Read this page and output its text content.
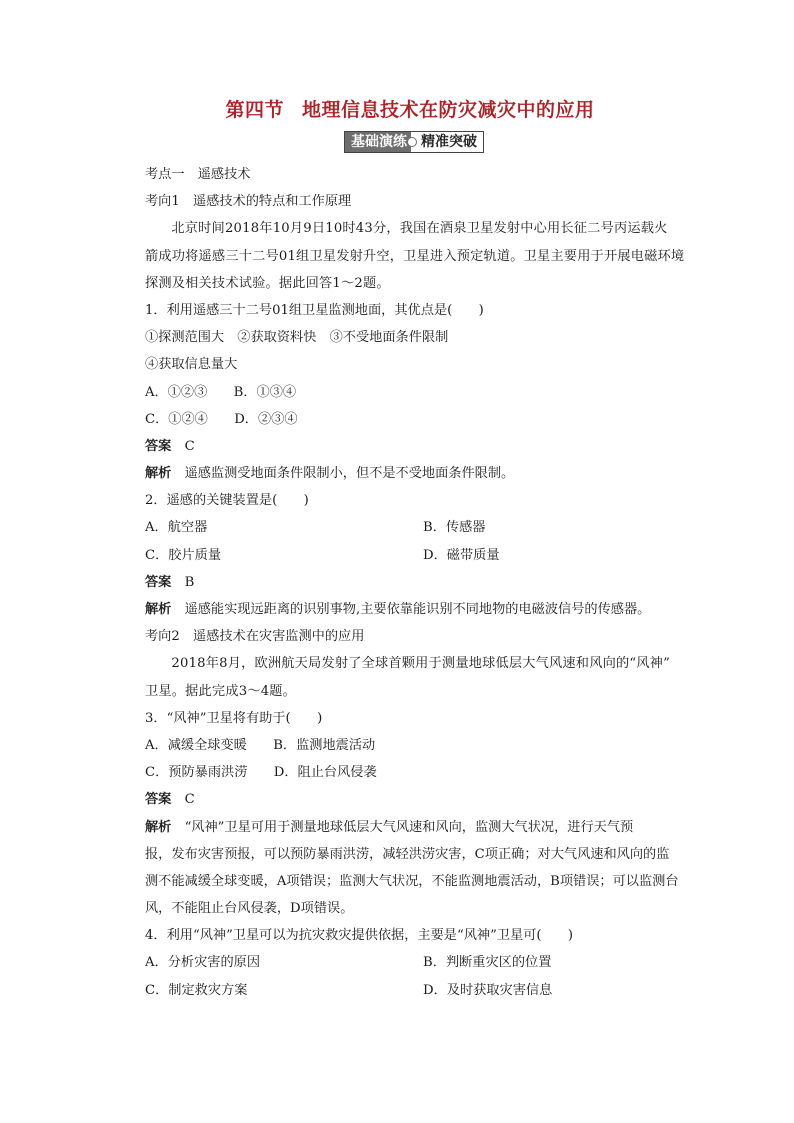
第四节 地理信息技术在防灾减灾中的应用
基础演练	精准突破
考点一　遥感技术
考向1　遥感技术的特点和工作原理
北京时间2018年10月9日10时43分，我国在酒泉卫星发射中心用长征二号丙运载火
箭成功将遥感三十二号01组卫星发射升空，卫星进入预定轨道。卫星主要用于开展电磁环境
探测及相关技术试验。据此回答1～2题。
1．利用遥感三十二号01组卫星监测地面，其优点是(　　)
①探测范围大　②获取资料快　③不受地面条件限制
④获取信息量大
A．①②③　　 B．①③④
C．①②④　　 D．②③④
答案　 C
解析　 遥感监测受地面条件限制小，但不是不受地面条件限制。
2．遥感的关键装置是(　　)
A．航空器	B．传感器
C．胶片质量	D．磁带质量
答案　 B
解析　 遥感能实现远距离的识别事物,主要依靠能识别不同地物的电磁波信号的传感器。
考向2　遥感技术在灾害监测中的应用
2018年8月，欧洲航天局发射了全球首颗用于测量地球低层大气风速和风向的“风神”
卫星。据此完成3～4题。
3．“风神”卫星将有助于(　　)
A．减缓全球变暖　　 B．监测地震活动
C．预防暴雨洪涝　　 D．阻止台风侵袭
答案　 C
解析　 “风神”卫星可用于测量地球低层大气风速和风向，监测大气状况，进行天气预
报，发布灾害预报，可以预防暴雨洪涝，减轻洪涝灾害，C项正确；对大气风速和风向的监
测不能减缓全球变暖，A项错误；监测大气状况，不能监测地震活动，B项错误；可以监测台
风，不能阻止台风侵袭，D项错误。
4．利用“风神”卫星可以为抗灾救灾提供依据，主要是“风神”卫星可(　　)
A．分析灾害的原因	B．判断重灾区的位置
C．制定救灾方案	D．及时获取灾害信息
